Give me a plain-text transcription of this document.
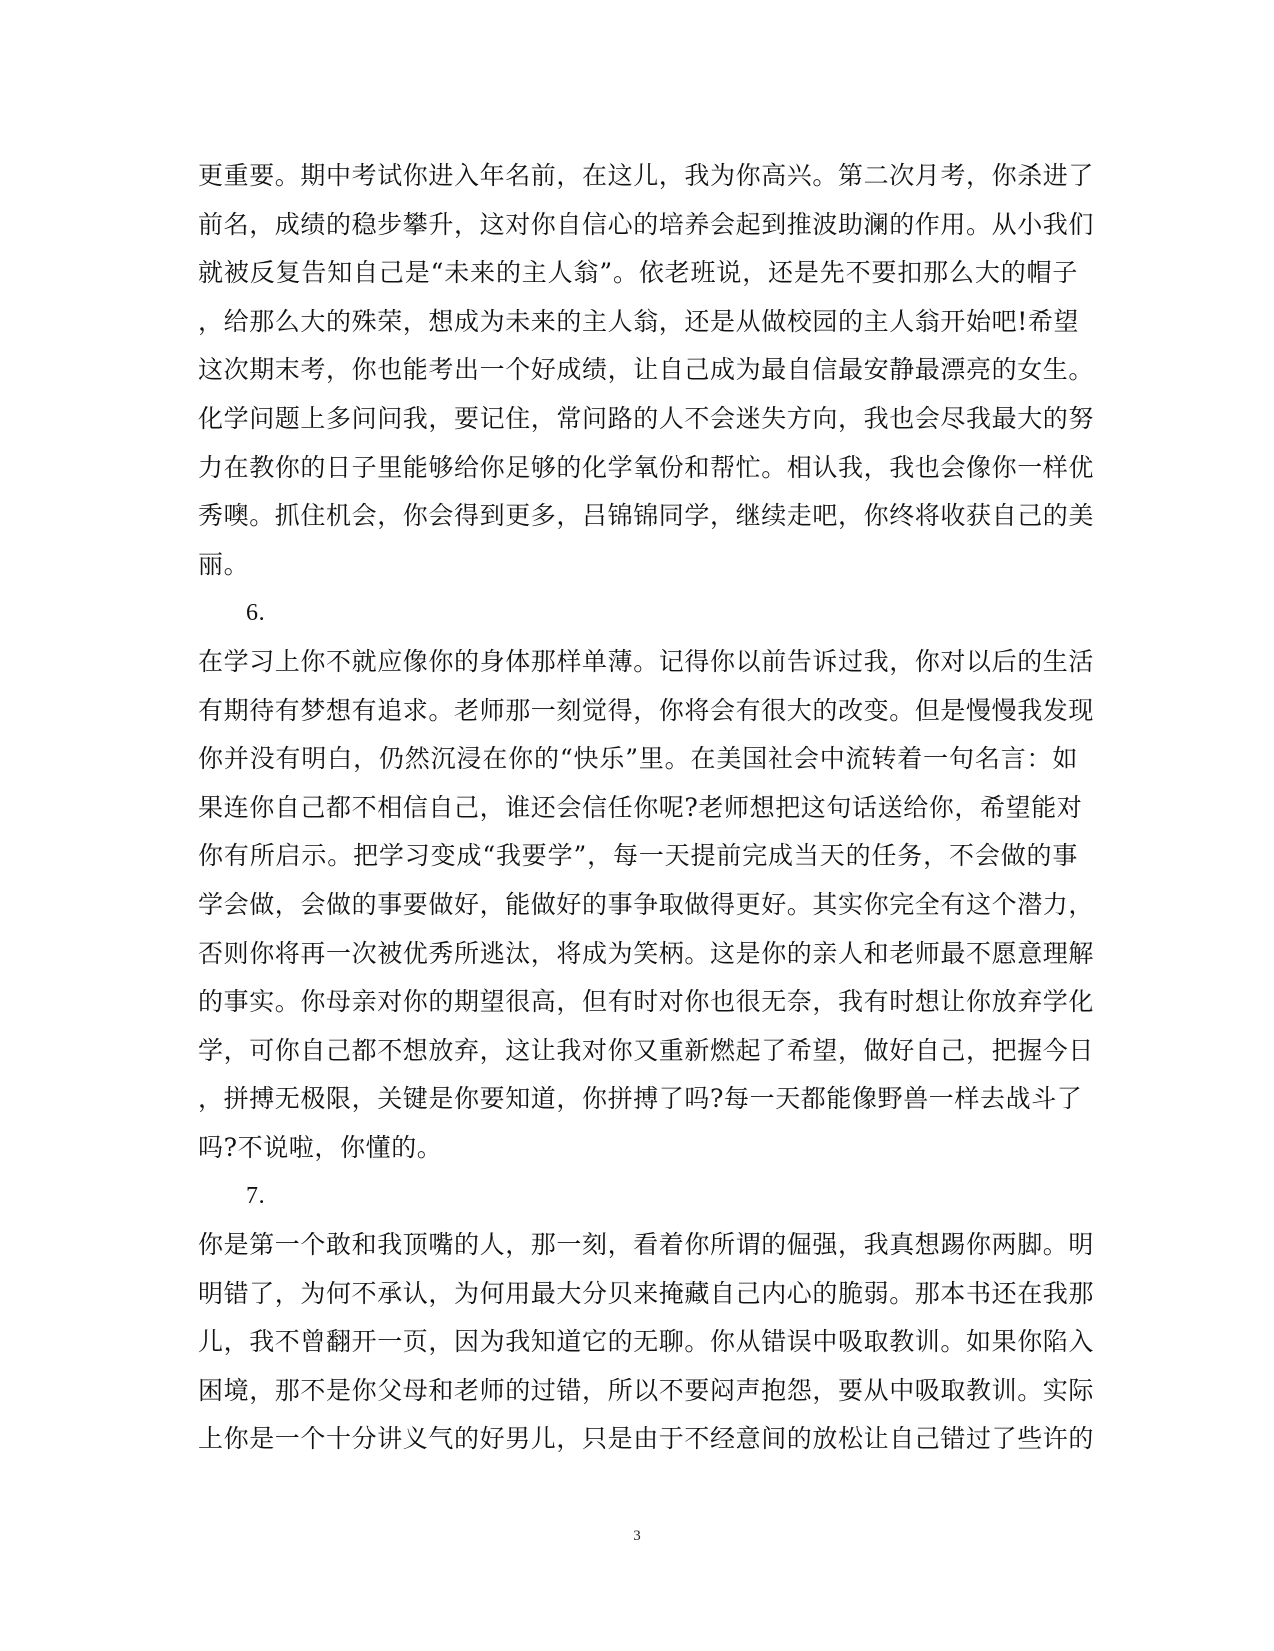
更重要。期中考试你进入年名前，在这儿，我为你高兴。第二次月考，你杀进了
前名，成绩的稳步攀升，这对你自信心的培养会起到推波助澜的作用。从小我们
就被反复告知自己是“未来的主人翁”。依老班说，还是先不要扣那么大的帽子
，给那么大的殊荣，想成为未来的主人翁，还是从做校园的主人翁开始吧!希望
这次期末考，你也能考出一个好成绩，让自己成为最自信最安静最漂亮的女生。
化学问题上多问问我，要记住，常问路的人不会迷失方向，我也会尽我最大的努
力在教你的日子里能够给你足够的化学氧份和帮忙。相认我，我也会像你一样优
秀噢。抓住机会，你会得到更多，吕锦锦同学，继续走吧，你终将收获自己的美
丽。
6.
在学习上你不就应像你的身体那样单薄。记得你以前告诉过我，你对以后的生活
有期待有梦想有追求。老师那一刻觉得，你将会有很大的改变。但是慢慢我发现
你并没有明白，仍然沉浸在你的“快乐”里。在美国社会中流转着一句名言：如
果连你自己都不相信自己，谁还会信任你呢?老师想把这句话送给你，希望能对
你有所启示。把学习变成“我要学”，每一天提前完成当天的任务，不会做的事
学会做，会做的事要做好，能做好的事争取做得更好。其实你完全有这个潜力，
否则你将再一次被优秀所逃汰，将成为笑柄。这是你的亲人和老师最不愿意理解
的事实。你母亲对你的期望很高，但有时对你也很无奈，我有时想让你放弃学化
学，可你自己都不想放弃，这让我对你又重新燃起了希望，做好自己，把握今日
，拼搏无极限，关键是你要知道，你拼搏了吗?每一天都能像野兽一样去战斗了
吗?不说啦，你懂的。
7.
你是第一个敢和我顶嘴的人，那一刻，看着你所谓的倔强，我真想踢你两脚。明
明错了，为何不承认，为何用最大分贝来掩藏自己内心的脆弱。那本书还在我那
儿，我不曾翻开一页，因为我知道它的无聊。你从错误中吸取教训。如果你陷入
困境，那不是你父母和老师的过错，所以不要闷声抱怨，要从中吸取教训。实际
上你是一个十分讲义气的好男儿，只是由于不经意间的放松让自己错过了些许的
3
